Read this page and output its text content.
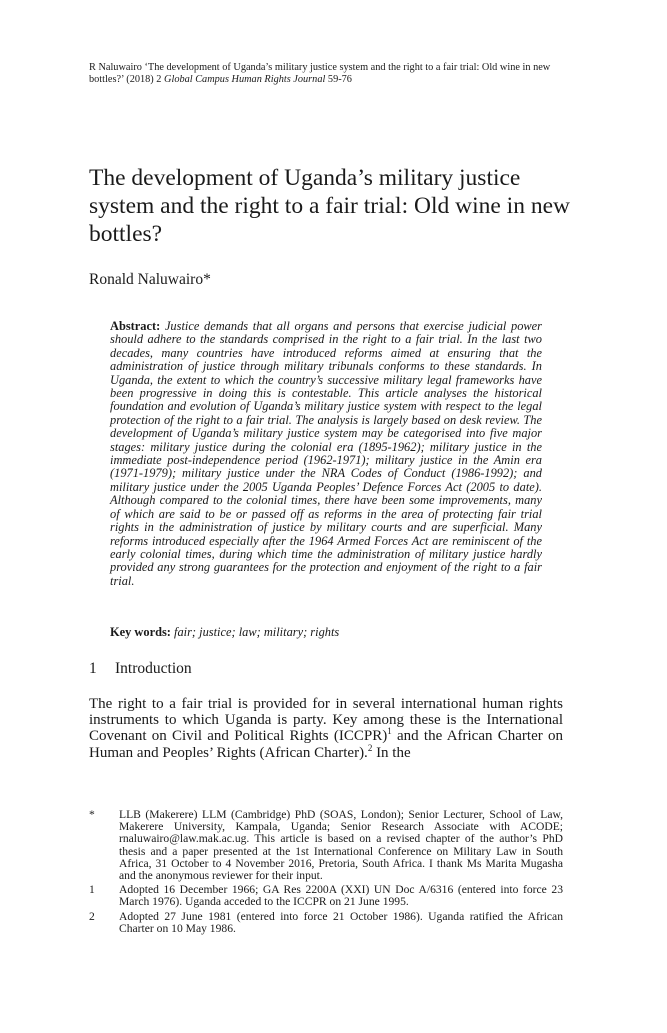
R Naluwairo ‘The development of Uganda’s military justice system and the right to a fair trial: Old wine in new bottles?’ (2018) 2 Global Campus Human Rights Journal 59-76
The development of Uganda’s military justice system and the right to a fair trial: Old wine in new bottles?
Ronald Naluwairo*

Abstract: Justice demands that all organs and persons that exercise judicial power should adhere to the standards comprised in the right to a fair trial. In the last two decades, many countries have introduced reforms aimed at ensuring that the administration of justice through military tribunals conforms to these standards. In Uganda, the extent to which the country’s successive military legal frameworks have been progressive in doing this is contestable. This article analyses the historical foundation and evolution of Uganda’s military justice system with respect to the legal protection of the right to a fair trial. The analysis is largely based on desk review. The development of Uganda’s military justice system may be categorised into five major stages: military justice during the colonial era (1895-1962); military justice in the immediate post-independence period (1962-1971); military justice in the Amin era (1971-1979); military justice under the NRA Codes of Conduct (1986-1992); and military justice under the 2005 Uganda Peoples’ Defence Forces Act (2005 to date). Although compared to the colonial times, there have been some improvements, many of which are said to be or passed off as reforms in the area of protecting fair trial rights in the administration of justice by military courts and are superficial. Many reforms introduced especially after the 1964 Armed Forces Act are reminiscent of the early colonial times, during which time the administration of military justice hardly provided any strong guarantees for the protection and enjoyment of the right to a fair trial.

Key words: fair; justice; law; military; rights
1 Introduction

The right to a fair trial is provided for in several international human rights instruments to which Uganda is party. Key among these is the International Covenant on Civil and Political Rights (ICCPR)$^1$ and the African Charter on Human and Peoples’ Rights (African Charter).$^2$ In the

*	LLB (Makerere) LLM (Cambridge) PhD (SOAS, London); Senior Lecturer, School of Law, Makerere University, Kampala, Uganda; Senior Research Associate with ACODE; rnaluwairo@law.mak.ac.ug. This article is based on a revised chapter of the author’s PhD thesis and a paper presented at the 1st International Conference on Military Law in South Africa, 31 October to 4 November 2016, Pretoria, South Africa. I thank Ms Marita Mugasha and the anonymous reviewer for their input.
1	Adopted 16 December 1966; GA Res 2200A (XXI) UN Doc A/6316 (entered into force 23 March 1976). Uganda acceded to the ICCPR on 21 June 1995.
2	Adopted 27 June 1981 (entered into force 21 October 1986). Uganda ratified the African Charter on 10 May 1986.
